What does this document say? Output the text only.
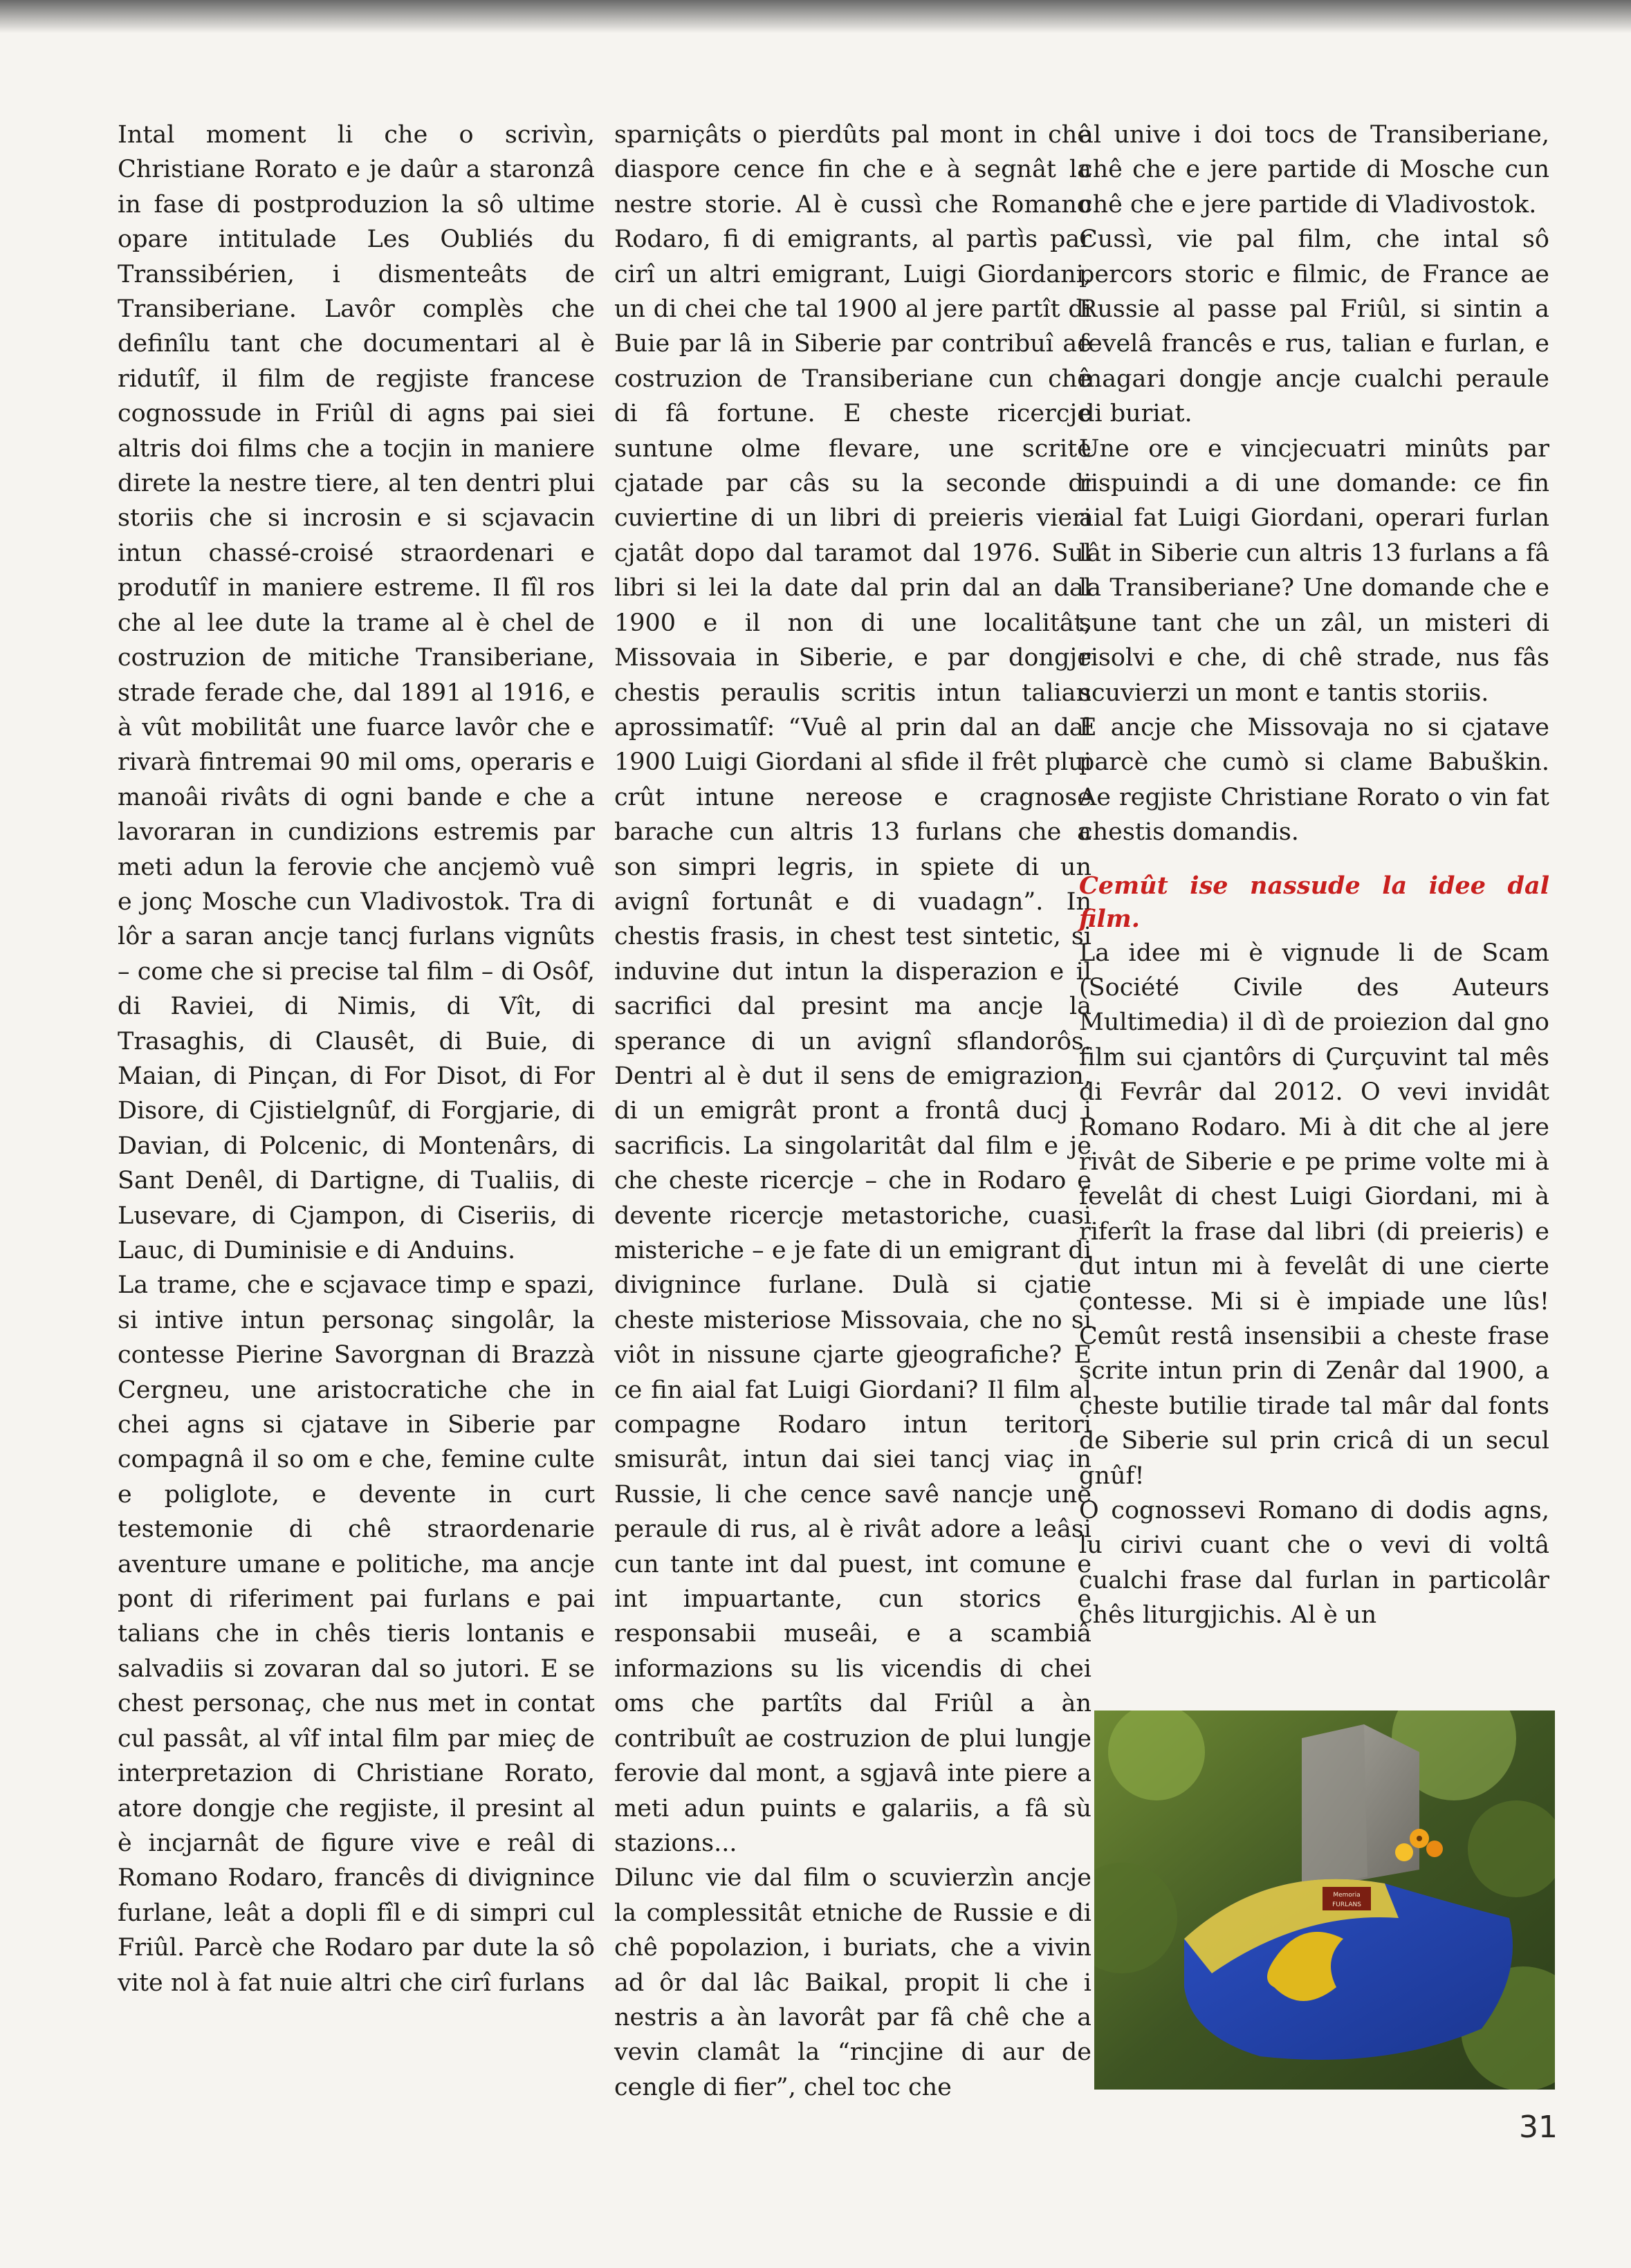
Intal moment li che o scrivìn, Christiane Rorato e je daûr a staronzâ in fase di postproduzion la sô ultime opare intitulade Les Oubliés du Transsibérien, i dismenteâts de Transiberiane. Lavôr complès che definîlu tant che documentari al è ridutîf, il film de regjiste francese cognossude in Friûl di agns pai siei altris doi films che a tocjin in maniere direte la nestre tiere, al ten dentri plui storiis che si incrosin e si scjavacin intun chassé-croisé straordenari e produtîf in maniere estreme. Il fîl ros che al lee dute la trame al è chel de costruzion de mitiche Transiberiane, strade ferade che, dal 1891 al 1916, e à vût mobilitât une fuarce lavôr che e rivarà fintremai 90 mil oms, operaris e manoâi rivâts di ogni bande e che a lavoraran in cundizions estremis par meti adun la ferovie che ancjemò vuê e jonç Mosche cun Vladivostok. Tra di lôr a saran ancje tancj furlans vignûts – come che si precise tal film – di Osôf, di Raviei, di Nimis, di Vît, di Trasaghis, di Clausêt, di Buie, di Maian, di Pinçan, di For Disot, di For Disore, di Cjistielgnûf, di Forgjarie, di Davian, di Polcenic, di Montenârs, di Sant Denêl, di Dartigne, di Tualiis, di Lusevare, di Cjampon, di Ciseriis, di Lauc, di Duminisie e di Anduins.

La trame, che e scjavace timp e spazi, si intive intun personaç singolâr, la contesse Pierine Savorgnan di Brazzà Cergneu, une aristocratiche che in chei agns si cjatave in Siberie par compagnâ il so om e che, femine culte e poliglote, e devente in curt testemonie di chê straordenarie aventure umane e politiche, ma ancje pont di riferiment pai furlans e pai talians che in chês tieris lontanis e salvadiis si zovaran dal so jutori. E se chest personaç, che nus met in contat cul passât, al vîf intal film par mieç de interpretazion di Christiane Rorato, atore dongje che regjiste, il presint al è incjarnât de figure vive e reâl di Romano Rodaro, francês di divignince furlane, leât a dopli fîl e di simpri cul Friûl. Parcè che Rodaro par dute la sô vite nol à fat nuie altri che cirî furlans

sparniçâts o pierdûts pal mont in chê diaspore cence fin che e à segnât la nestre storie. Al è cussì che Romano Rodaro, fi di emigrants, al partìs par cirî un altri emigrant, Luigi Giordani, un di chei che tal 1900 al jere partît di Buie par lâ in Siberie par contribuî ae costruzion de Transiberiane cun chê di fâ fortune. E cheste ricercje suntune olme flevare, une scrite cjatade par câs su la seconde di cuviertine di un libri di preieris vieri cjatât dopo dal taramot dal 1976. Sul libri si lei la date dal prin dal an dal 1900 e il non di une localitât, Missovaia in Siberie, e par dongje chestis peraulis scritis intun talian aprossimatîf: “Vuê al prin dal an dal 1900 Luigi Giordani al sfide il frêt plui crût intune nereose e cragnose barache cun altris 13 furlans che a son simpri legris, in spiete di un avignî fortunât e di vuadagn”. In chestis frasis, in chest test sintetic, si induvine dut intun la disperazion e il sacrifici dal presint ma ancje la sperance di un avignî sflandorôs. Dentri al è dut il sens de emigrazion, di un emigrât pront a frontâ ducj i sacrificis. La singolaritât dal film e je che cheste ricercje – che in Rodaro e devente ricercje metastoriche, cuasi misteriche – e je fate di un emigrant di divignince furlane. Dulà si cjatie cheste misteriose Missovaia, che no si viôt in nissune cjarte gjeografiche? E ce fin aial fat Luigi Giordani? Il film al compagne Rodaro intun teritori smisurât, intun dai siei tancj viaç in Russie, li che cence savê nancje une peraule di rus, al è rivât adore a leâsi cun tante int dal puest, int comune e int impuartante, cun storics e responsabii museâi, e a scambiâ informazions su lis vicendis di chei oms che partîts dal Friûl a àn contribuît ae costruzion de plui lungje ferovie dal mont, a sgjavâ inte piere a meti adun puints e galariis, a fâ sù stazions...

Dilunc vie dal film o scuvierzìn ancje la complessitât etniche de Russie e di chê popolazion, i buriats, che a vivin ad ôr dal lâc Baikal, propit li che i nestris a àn lavorât par fâ chê che a vevin clamât la “rincjine di aur de cengle di fier”, chel toc che

al unive i doi tocs de Transiberiane, chê che e jere partide di Mosche cun chê che e jere partide di Vladivostok.

Cussì, vie pal film, che intal sô percors storic e filmic, de France ae Russie al passe pal Friûl, si sintin a fevelâ francês e rus, talian e furlan, e magari dongje ancje cualchi peraule di buriat.

Une ore e vincjecuatri minûts par rispuindi a di une domande: ce fin aial fat Luigi Giordani, operari furlan lât in Siberie cun altris 13 furlans a fâ la Transiberiane? Une domande che e sune tant che un zâl, un misteri di risolvi e che, di chê strade, nus fâs scuvierzi un mont e tantis storiis.

E ancje che Missovaja no si cjatave parcè che cumò si clame Babuškin. Ae regjiste Christiane Rorato o vin fat chestis domandis.

Cemût ise nassude la idee dal film.

La idee mi è vignude li de Scam (Société Civile des Auteurs Multimedia) il dì de proiezion dal gno film sui cjantôrs di Çurçuvint tal mês di Fevrâr dal 2012. O vevi invidât Romano Rodaro. Mi à dit che al jere rivât de Siberie e pe prime volte mi à fevelât di chest Luigi Giordani, mi à riferît la frase dal libri (di preieris) e dut intun mi à fevelât di une cierte contesse. Mi si è impiade une lûs! Cemût restâ insensibii a cheste frase scrite intun prin di Zenâr dal 1900, a cheste butilie tirade tal mâr dal fonts de Siberie sul prin cricâ di un secul gnûf!

O cognossevi Romano di dodis agns, lu cirivi cuant che o vevi di voltâ cualchi frase dal furlan in particolâr chês liturgjichis. Al è un

Memoria
FURLANS
31
